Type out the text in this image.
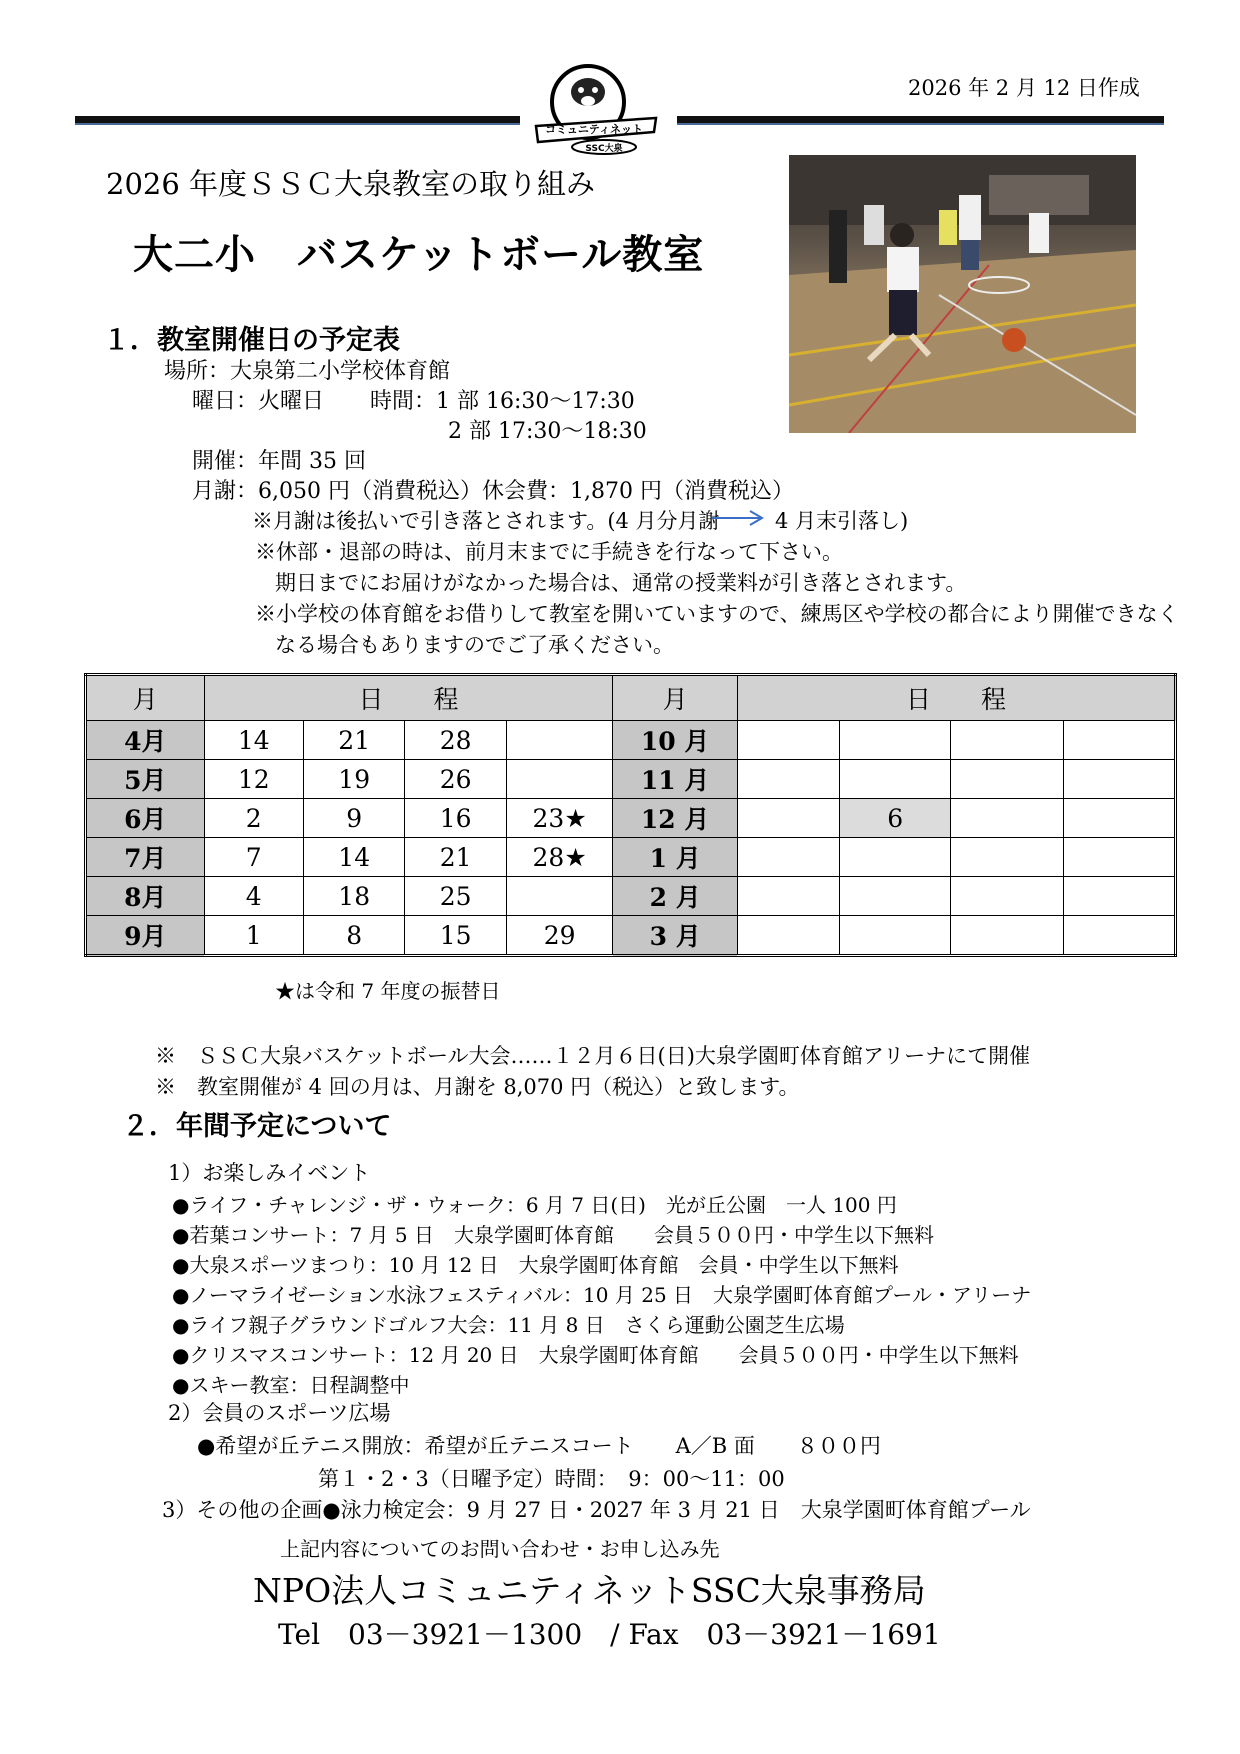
コミュニティネット
SSC大泉
2026 年 2 月 12 日作成
2026 年度ＳＳＣ大泉教室の取り組み
大二小　バスケットボール教室
１．教室開催日の予定表
場所：大泉第二小学校体育館
曜日：火曜日 時間：1 部 16:30～17:30
2 部 17:30～18:30
開催：年間 35 回
月謝：6,050 円（消費税込）休会費：1,870 円（消費税込）
※月謝は後払いで引き落とされます。(4 月分月謝	4 月末引落し)
※休部・退部の時は、前月末までに手続きを行なって下さい。
期日までにお届けがなかった場合は、通常の授業料が引き落とされます。
※小学校の体育館をお借りして教室を開いていますので、練馬区や学校の都合により開催できなく
なる場合もありますのでご了承ください。
月	日　　程				月	日　　程			
4月	14	21	28		10 月				
5月	12	19	26		11 月				
6月	2	9	16	23★	12 月		6		
7月	7	14	21	28★	1 月				
8月	4	18	25		2 月				
9月	1	8	15	29	3 月				
★は令和 7 年度の振替日
※　ＳＳＣ大泉バスケットボール大会‥‥‥１２月６日(日)大泉学園町体育館アリーナにて開催
※　教室開催が 4 回の月は、月謝を 8,070 円（税込）と致します。
２．年間予定について
1）お楽しみイベント
●ライフ・チャレンジ・ザ・ウォーク：6 月 7 日(日)　光が丘公園　一人 100 円
●若葉コンサート：7 月 5 日　大泉学園町体育館　　会員５００円・中学生以下無料
●大泉スポーツまつり：10 月 12 日　大泉学園町体育館　会員・中学生以下無料
●ノーマライゼーション水泳フェスティバル：10 月 25 日　大泉学園町体育館プール・アリーナ
●ライフ親子グラウンドゴルフ大会：11 月 8 日　さくら運動公園芝生広場
●クリスマスコンサート：12 月 20 日　大泉学園町体育館　　会員５００円・中学生以下無料
●スキー教室：日程調整中
2）会員のスポーツ広場
●希望が丘テニス開放：希望が丘テニスコート　　A／B 面　　８００円
第１・2・3（日曜予定）時間：　9：00～11：00
3）その他の企画●泳力検定会：9 月 27 日・2027 年 3 月 21 日　大泉学園町体育館プール
上記内容についてのお問い合わせ・お申し込み先
NPO法人コミュニティネットSSC大泉事務局
Tel　03－3921－1300　/ Fax　03－3921－1691
